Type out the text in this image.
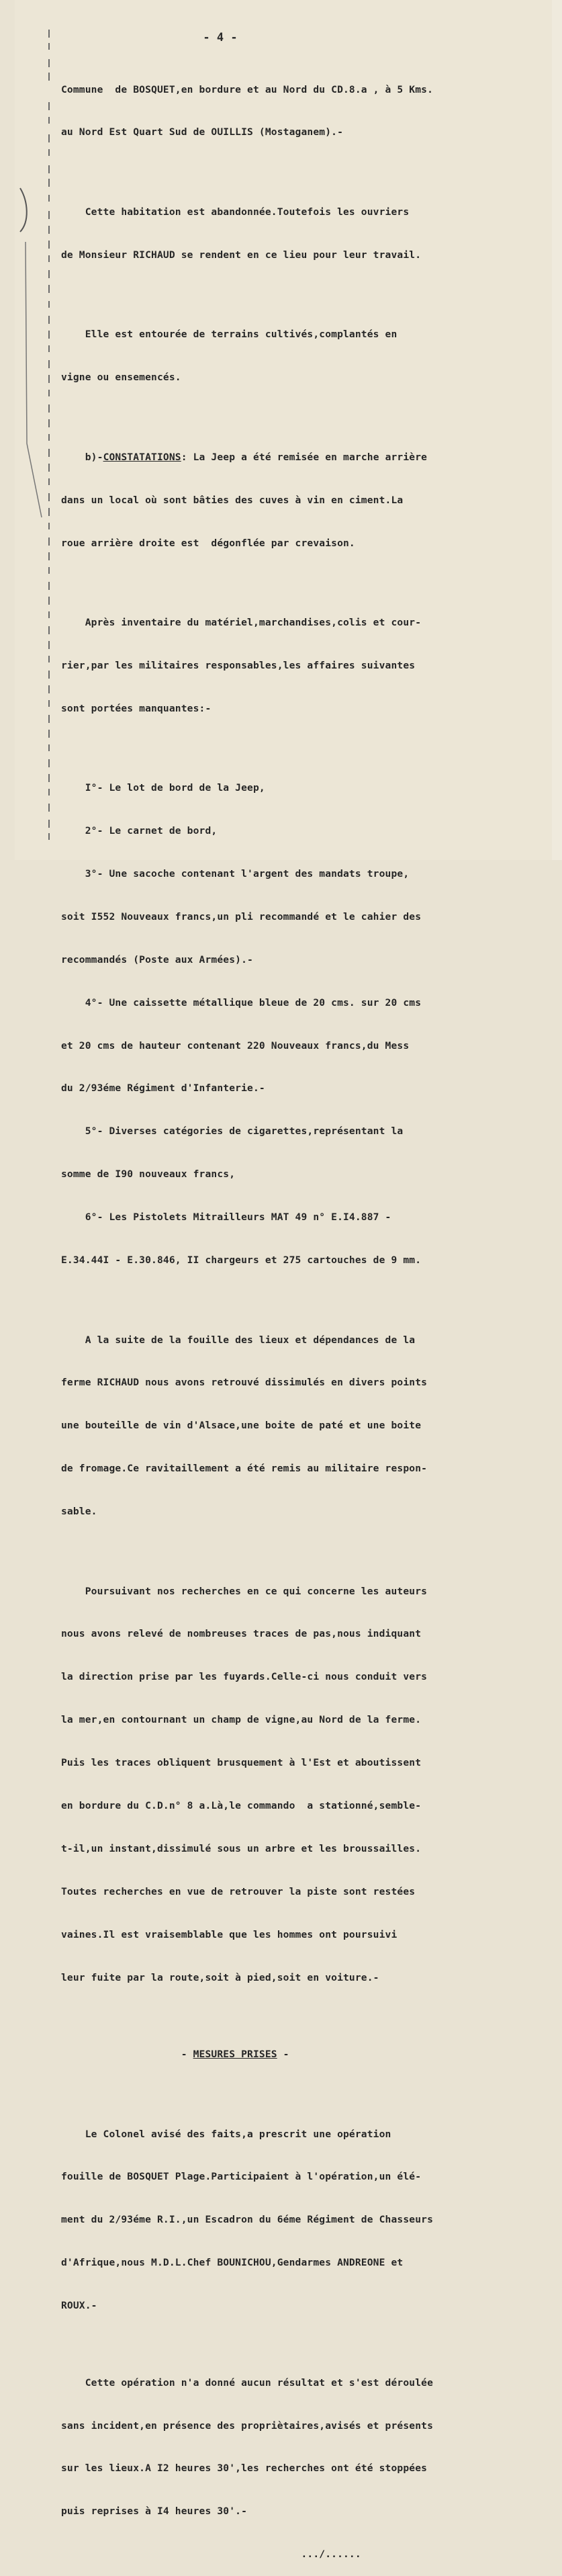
- 4 -

Commune  de BOSQUET,en bordure et au Nord du CD.8.a , à 5 Kms.

au Nord Est Quart Sud de OUILLIS (Mostaganem).-

Cette habitation est abandonnée.Toutefois les ouvriers

de Monsieur RICHAUD se rendent en ce lieu pour leur travail.

Elle est entourée de terrains cultivés,complantés en

vigne ou ensemencés.

b)-CONSTATATIONS: La Jeep a été remisée en marche arrière

dans un local où sont bâties des cuves à vin en ciment.La

roue arrière droite est  dégonflée par crevaison.

Après inventaire du matériel,marchandises,colis et cour-

rier,par les militaires responsables,les affaires suivantes

sont portées manquantes:-

I°- Le lot de bord de la Jeep,

2°- Le carnet de bord,

3°- Une sacoche contenant l'argent des mandats troupe,

soit I552 Nouveaux francs,un pli recommandé et le cahier des

recommandés (Poste aux Armées).-

4°- Une caissette métallique bleue de 20 cms. sur 20 cms

et 20 cms de hauteur contenant 220 Nouveaux francs,du Mess

du 2/93éme Régiment d'Infanterie.-

5°- Diverses catégories de cigarettes,représentant la

somme de I90 nouveaux francs,

6°- Les Pistolets Mitrailleurs MAT 49 n° E.I4.887 -

E.34.44I - E.30.846, II chargeurs et 275 cartouches de 9 mm.

A la suite de la fouille des lieux et dépendances de la

ferme RICHAUD nous avons retrouvé dissimulés en divers points

une bouteille de vin d'Alsace,une boite de paté et une boite

de fromage.Ce ravitaillement a été remis au militaire respon-

sable.

Poursuivant nos recherches en ce qui concerne les auteurs

nous avons relevé de nombreuses traces de pas,nous indiquant

la direction prise par les fuyards.Celle-ci nous conduit vers

la mer,en contournant un champ de vigne,au Nord de la ferme.

Puis les traces obliquent brusquement à l'Est et aboutissent

en bordure du C.D.n° 8 a.Là,le commando  a stationné,semble-

t-il,un instant,dissimulé sous un arbre et les broussailles.

Toutes recherches en vue de retrouver la piste sont restées

vaines.Il est vraisemblable que les hommes ont poursuivi

leur fuite par la route,soit à pied,soit en voiture.-

- MESURES PRISES -

Le Colonel avisé des faits,a prescrit une opération

fouille de BOSQUET Plage.Participaient à l'opération,un élé-

ment du 2/93éme R.I.,un Escadron du 6éme Régiment de Chasseurs

d'Afrique,nous M.D.L.Chef BOUNICHOU,Gendarmes ANDREONE et

ROUX.-

Cette opération n'a donné aucun résultat et s'est déroulée

sans incident,en présence des propriètaires,avisés et présents

sur les lieux.A I2 heures 30',les recherches ont été stoppées

puis reprises à I4 heures 30'.-

.../......
